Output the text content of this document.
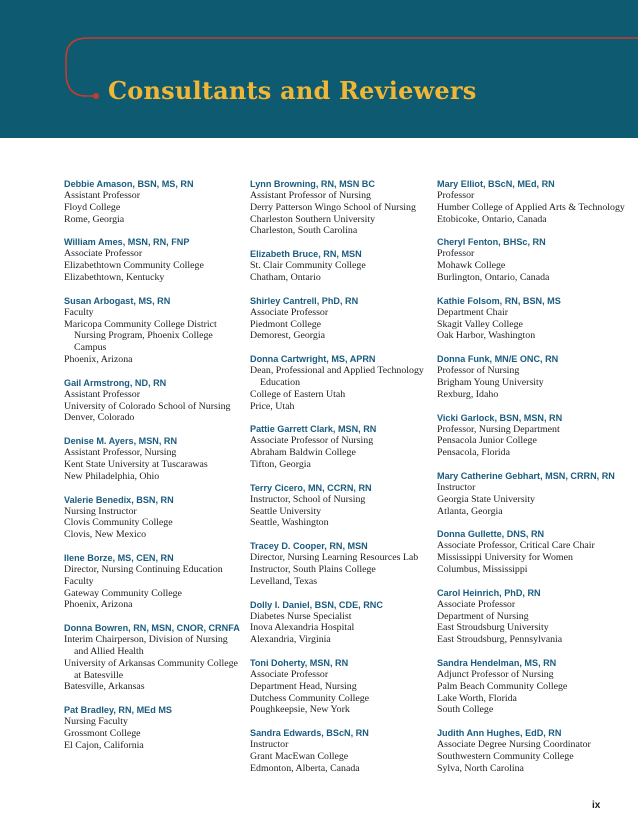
Consultants and Reviewers
Debbie Amason, BSN, MS, RN
Assistant Professor
Floyd College
Rome, Georgia
William Ames, MSN, RN, FNP
Associate Professor
Elizabethtown Community College
Elizabethtown, Kentucky
Susan Arbogast, MS, RN
Faculty
Maricopa Community College District Nursing Program, Phoenix College Campus
Phoenix, Arizona
Gail Armstrong, ND, RN
Assistant Professor
University of Colorado School of Nursing
Denver, Colorado
Denise M. Ayers, MSN, RN
Assistant Professor, Nursing
Kent State University at Tuscarawas
New Philadelphia, Ohio
Valerie Benedix, BSN, RN
Nursing Instructor
Clovis Community College
Clovis, New Mexico
Ilene Borze, MS, CEN, RN
Director, Nursing Continuing Education
Faculty
Gateway Community College
Phoenix, Arizona
Donna Bowren, RN, MSN, CNOR, CRNFA
Interim Chairperson, Division of Nursing and Allied Health
University of Arkansas Community College at Batesville
Batesville, Arkansas
Pat Bradley, RN, MEd MS
Nursing Faculty
Grossmont College
El Cajon, California
Lynn Browning, RN, MSN BC
Assistant Professor of Nursing
Derry Patterson Wingo School of Nursing
Charleston Southern University
Charleston, South Carolina
Elizabeth Bruce, RN, MSN
St. Clair Community College
Chatham, Ontario
Shirley Cantrell, PhD, RN
Associate Professor
Piedmont College
Demorest, Georgia
Donna Cartwright, MS, APRN
Dean, Professional and Applied Technology Education
College of Eastern Utah
Price, Utah
Pattie Garrett Clark, MSN, RN
Associate Professor of Nursing
Abraham Baldwin College
Tifton, Georgia
Terry Cicero, MN, CCRN, RN
Instructor, School of Nursing
Seattle University
Seattle, Washington
Tracey D. Cooper, RN, MSN
Director, Nursing Learning Resources Lab
Instructor, South Plains College
Levelland, Texas
Dolly I. Daniel, BSN, CDE, RNC
Diabetes Nurse Specialist
Inova Alexandria Hospital
Alexandria, Virginia
Toni Doherty, MSN, RN
Associate Professor
Department Head, Nursing
Dutchess Community College
Poughkeepsie, New York
Sandra Edwards, BScN, RN
Instructor
Grant MacEwan College
Edmonton, Alberta, Canada
Mary Elliot, BScN, MEd, RN
Professor
Humber College of Applied Arts & Technology
Etobicoke, Ontario, Canada
Cheryl Fenton, BHSc, RN
Professor
Mohawk College
Burlington, Ontario, Canada
Kathie Folsom, RN, BSN, MS
Department Chair
Skagit Valley College
Oak Harbor, Washington
Donna Funk, MN/E ONC, RN
Professor of Nursing
Brigham Young University
Rexburg, Idaho
Vicki Garlock, BSN, MSN, RN
Professor, Nursing Department
Pensacola Junior College
Pensacola, Florida
Mary Catherine Gebhart, MSN, CRRN, RN
Instructor
Georgia State University
Atlanta, Georgia
Donna Gullette, DNS, RN
Associate Professor, Critical Care Chair
Mississippi University for Women
Columbus, Mississippi
Carol Heinrich, PhD, RN
Associate Professor
Department of Nursing
East Stroudsburg University
East Stroudsburg, Pennsylvania
Sandra Hendelman, MS, RN
Adjunct Professor of Nursing
Palm Beach Community College
Lake Worth, Florida
South College
Judith Ann Hughes, EdD, RN
Associate Degree Nursing Coordinator
Southwestern Community College
Sylva, North Carolina
ix
